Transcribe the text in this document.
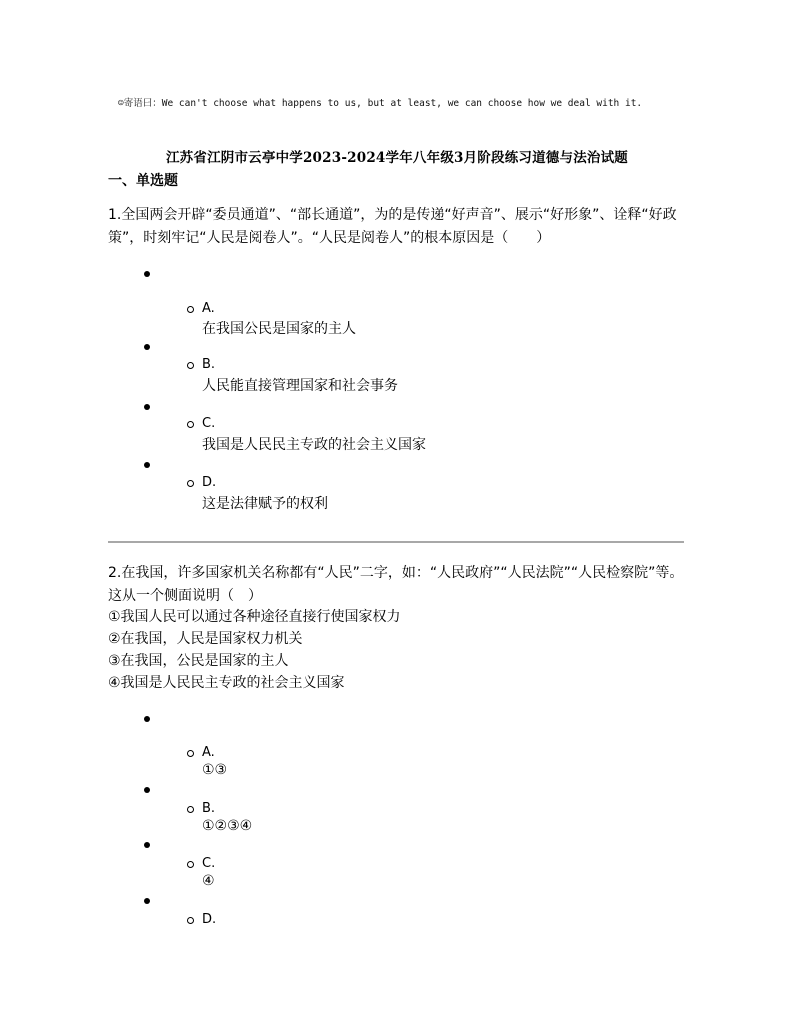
☺寄语曰：We can't choose what happens to us, but at least, we can choose how we deal with it.
江苏省江阴市云亭中学2023-2024学年八年级3月阶段练习道德与法治试题
一、单选题
1.全国两会开辟“委员通道”、“部长通道”，为的是传递“好声音”、展示“好形象”、诠释“好政策”，时刻牢记“人民是阅卷人”。“人民是阅卷人”的根本原因是（　　）
A.
在我国公民是国家的主人
B.
人民能直接管理国家和社会事务
C.
我国是人民民主专政的社会主义国家
D.
这是法律赋予的权利
2.在我国，许多国家机关名称都有“人民”二字，如：“人民政府”“人民法院”“人民检察院”等。这从一个侧面说明（　）
①我国人民可以通过各种途径直接行使国家权力
②在我国，人民是国家权力机关
③在我国，公民是国家的主人
④我国是人民民主专政的社会主义国家
A.
①③
B.
①②③④
C.
④
D.
